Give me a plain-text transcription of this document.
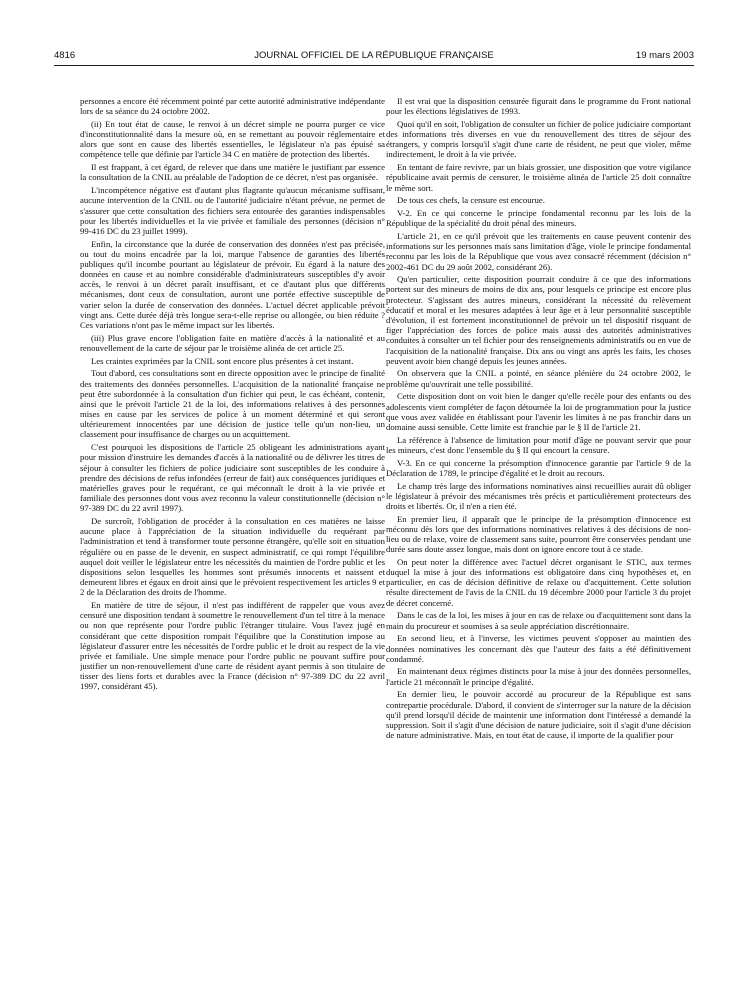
4816	JOURNAL OFFICIEL DE LA RÉPUBLIQUE FRANÇAISE	19 mars 2003

personnes a encore été récemment pointé par cette autorité administrative indépendante lors de sa séance du 24 octobre 2002.

(ii) En tout état de cause, le renvoi à un décret simple ne pourra purger ce vice d'inconstitutionnalité dans la mesure où, en se remettant au pouvoir réglementaire et alors que sont en cause des libertés essentielles, le législateur n'a pas épuisé sa compétence telle que définie par l'article 34 C en matière de protection des libertés.

Il est frappant, à cet égard, de relever que dans une matière le justifiant par essence la consultation de la CNIL au préalable de l'adoption de ce décret, n'est pas organisée.

L'incompétence négative est d'autant plus flagrante qu'aucun mécanisme suffisant, aucune intervention de la CNIL ou de l'autorité judiciaire n'étant prévue, ne permet de s'assurer que cette consultation des fichiers sera entourée des garanties indispensables pour les libertés individuelles et la vie privée et familiale des personnes (décision n° 99-416 DC du 23 juillet 1999).

Enfin, la circonstance que la durée de conservation des données n'est pas précisée, ou tout du moins encadrée par la loi, marque l'absence de garanties des libertés publiques qu'il incombe pourtant au législateur de prévoir. Eu égard à la nature des données en cause et au nombre considérable d'administrateurs susceptibles d'y avoir accès, le renvoi à un décret paraît insuffisant, et ce d'autant plus que différents mécanismes, dont ceux de consultation, auront une portée effective susceptible de varier selon la durée de conservation des données. L'actuel décret applicable prévoit vingt ans. Cette durée déjà très longue sera-t-elle reprise ou allongée, ou bien réduite ? Ces variations n'ont pas le même impact sur les libertés.

(iii) Plus grave encore l'obligation faite en matière d'accès à la nationalité et au renouvellement de la carte de séjour par le troisième alinéa de cet article 25.

Les craintes exprimées par la CNIL sont encore plus présentes à cet instant.

Tout d'abord, ces consultations sont en directe opposition avec le principe de finalité des traitements des données personnelles. L'acquisition de la nationalité française ne peut être subordonnée à la consultation d'un fichier qui peut, le cas échéant, contenir, ainsi que le prévoit l'article 21 de la loi, des informations relatives à des personnes mises en cause par les services de police à un moment déterminé et qui seront ultérieurement innocentées par une décision de justice telle qu'un non-lieu, un classement pour insuffisance de charges ou un acquittement.

C'est pourquoi les dispositions de l'article 25 obligeant les administrations ayant pour mission d'instruire les demandes d'accès à la nationalité ou de délivrer les titres de séjour à consulter les fichiers de police judiciaire sont susceptibles de les conduire à prendre des décisions de refus infondées (erreur de fait) aux conséquences juridiques et matérielles graves pour le requérant, ce qui méconnaît le droit à la vie privée et familiale des personnes dont vous avez reconnu la valeur constitutionnelle (décision n° 97-389 DC du 22 avril 1997).

De surcroît, l'obligation de procéder à la consultation en ces matières ne laisse aucune place à l'appréciation de la situation individuelle du requérant par l'administration et tend à transformer toute personne étrangère, qu'elle soit en situation régulière ou en passe de le devenir, en suspect administratif, ce qui rompt l'équilibre auquel doit veiller le législateur entre les nécessités du maintien de l'ordre public et les dispositions selon lesquelles les hommes sont présumés innocents et naissent et demeurent libres et égaux en droit ainsi que le prévoient respectivement les articles 9 et 2 de la Déclaration des droits de l'homme.

En matière de titre de séjour, il n'est pas indifférent de rappeler que vous avez censuré une disposition tendant à soumettre le renouvellement d'un tel titre à la menace ou non que représente pour l'ordre public l'étranger titulaire. Vous l'avez jugé en considérant que cette disposition rompait l'équilibre que la Constitution impose au législateur d'assurer entre les nécessités de l'ordre public et le droit au respect de la vie privée et familiale. Une simple menace pour l'ordre public ne pouvant suffire pour justifier un non-renouvellement d'une carte de résident ayant permis à son titulaire de tisser des liens forts et durables avec la France (décision n° 97-389 DC du 22 avril 1997, considérant 45).

Il est vrai que la disposition censurée figurait dans le programme du Front national pour les élections législatives de 1993.

Quoi qu'il en soit, l'obligation de consulter un fichier de police judiciaire comportant des informations très diverses en vue du renouvellement des titres de séjour des étrangers, y compris lorsqu'il s'agit d'une carte de résident, ne peut que violer, même indirectement, le droit à la vie privée.

En tentant de faire revivre, par un biais grossier, une disposition que votre vigilance républicaine avait permis de censurer, le troisième alinéa de l'article 25 doit connaître le même sort.

De tous ces chefs, la censure est encourue.

V-2. En ce qui concerne le principe fondamental reconnu par les lois de la République de la spécialité du droit pénal des mineurs.

L'article 21, en ce qu'il prévoit que les traitements en cause peuvent contenir des informations sur les personnes mais sans limitation d'âge, viole le principe fondamental reconnu par les lois de la République que vous avez consacré récemment (décision n° 2002-461 DC du 29 août 2002, considérant 26).

Qu'en particulier, cette disposition pourrait conduire à ce que des informations portent sur des mineurs de moins de dix ans, pour lesquels ce principe est encore plus protecteur. S'agissant des autres mineurs, considérant la nécessité du relèvement éducatif et moral et les mesures adaptées à leur âge et à leur personnalité susceptible d'évolution, il est fortement inconstitutionnel de prévoir un tel dispositif risquant de figer l'appréciation des forces de police mais aussi des autorités administratives conduites à consulter un tel fichier pour des renseignements administratifs ou en vue de l'acquisition de la nationalité française. Dix ans ou vingt ans après les faits, les choses peuvent avoir bien changé depuis les jeunes années.

On observera que la CNIL a pointé, en séance plénière du 24 octobre 2002, le problème qu'ouvrirait une telle possibilité.

Cette disposition dont on voit bien le danger qu'elle recèle pour des enfants ou des adolescents vient compléter de façon détournée la loi de programmation pour la justice que vous avez validée en établissant pour l'avenir les limites à ne pas franchir dans un domaine aussi sensible. Cette limite est franchie par le § II de l'article 21.

La référence à l'absence de limitation pour motif d'âge ne pouvant servir que pour les mineurs, c'est donc l'ensemble du § II qui encourt la censure.

V-3. En ce qui concerne la présomption d'innocence garantie par l'article 9 de la Déclaration de 1789, le principe d'égalité et le droit au recours.

Le champ très large des informations nominatives ainsi recueillies aurait dû obliger le législateur à prévoir des mécanismes très précis et particulièrement protecteurs des droits et libertés. Or, il n'en a rien été.

En premier lieu, il apparaît que le principe de la présomption d'innocence est méconnu dès lors que des informations nominatives relatives à des décisions de non-lieu ou de relaxe, voire de classement sans suite, pourront être conservées pendant une durée sans doute assez longue, mais dont on ignore encore tout à ce stade.

On peut noter la différence avec l'actuel décret organisant le STIC, aux termes duquel la mise à jour des informations est obligatoire dans cinq hypothèses et, en particulier, en cas de décision définitive de relaxe ou d'acquittement. Cette solution résulte directement de l'avis de la CNIL du 19 décembre 2000 pour l'article 3 du projet de décret concerné.

Dans le cas de la loi, les mises à jour en cas de relaxe ou d'acquittement sont dans la main du procureur et soumises à sa seule appréciation discrétionnaire.

En second lieu, et à l'inverse, les victimes peuvent s'opposer au maintien des données nominatives les concernant dès que l'auteur des faits a été définitivement condamné.

En maintenant deux régimes distincts pour la mise à jour des données personnelles, l'article 21 méconnaît le principe d'égalité.

En dernier lieu, le pouvoir accordé au procureur de la République est sans contrepartie procédurale. D'abord, il convient de s'interroger sur la nature de la décision qu'il prend lorsqu'il décide de maintenir une information dont l'intéressé a demandé la suppression. Soit il s'agit d'une décision de nature judiciaire, soit il s'agit d'une décision de nature administrative. Mais, en tout état de cause, il importe de la qualifier pour
